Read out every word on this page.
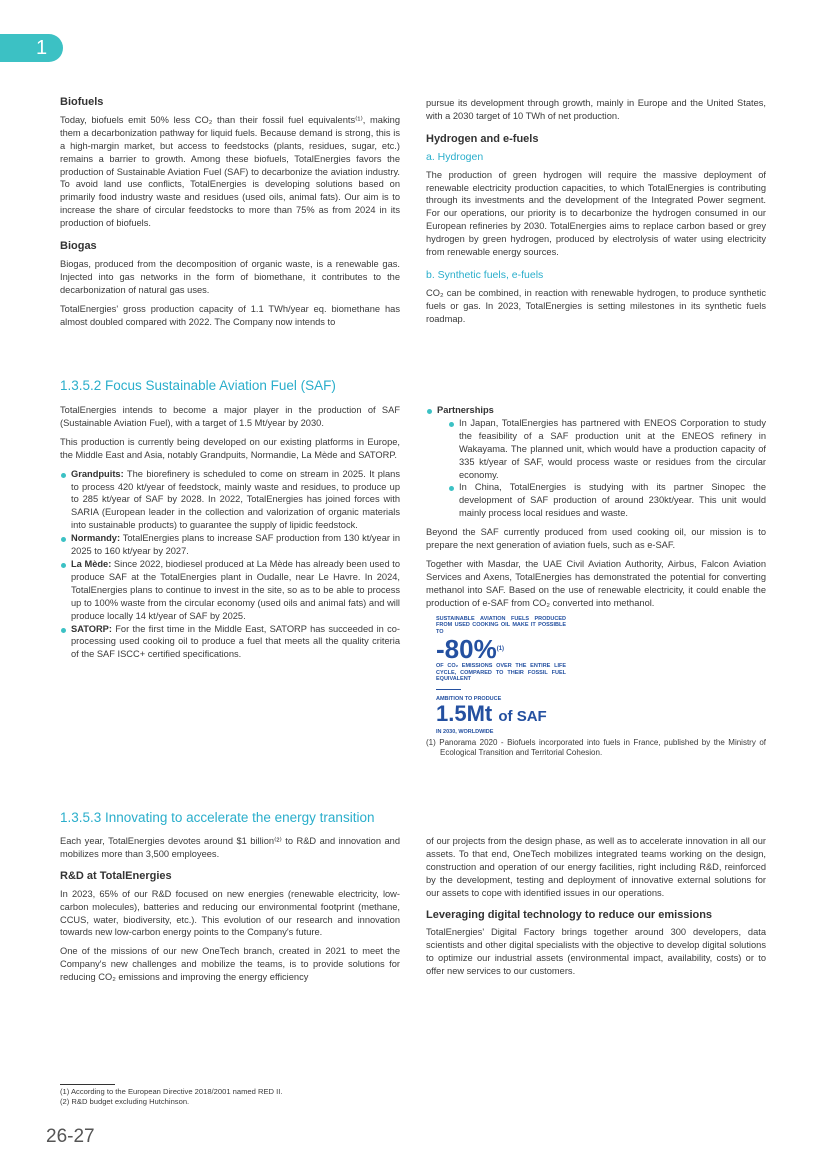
1
Biofuels

Today, biofuels emit 50% less CO₂ than their fossil fuel equivalents⁽¹⁾, making them a decarbonization pathway for liquid fuels. Because demand is strong, this is a high-margin market, but access to feedstocks (plants, residues, sugar, etc.) remains a barrier to growth. Among these biofuels, TotalEnergies favors the production of Sustainable Aviation Fuel (SAF) to decarbonize the aviation industry. To avoid land use conflicts, TotalEnergies is developing solutions based on primarily food industry waste and residues (used oils, animal fats). Our aim is to increase the share of circular feedstocks to more than 75% as from 2024 in its production of biofuels.

Biogas

Biogas, produced from the decomposition of organic waste, is a renewable gas. Injected into gas networks in the form of biomethane, it contributes to the decarbonization of natural gas uses.

TotalEnergies' gross production capacity of 1.1 TWh/year eq. biomethane has almost doubled compared with 2022. The Company now intends to

pursue its development through growth, mainly in Europe and the United States, with a 2030 target of 10 TWh of net production.

Hydrogen and e-fuels
a. Hydrogen

The production of green hydrogen will require the massive deployment of renewable electricity production capacities, to which TotalEnergies is contributing through its investments and the development of the Integrated Power segment. For our operations, our priority is to decarbonize the hydrogen consumed in our European refineries by 2030. TotalEnergies aims to replace carbon based or grey hydrogen by green hydrogen, produced by electrolysis of water using electricity from renewable energy sources.

b. Synthetic fuels, e-fuels

CO₂ can be combined, in reaction with renewable hydrogen, to produce synthetic fuels or gas. In 2023, TotalEnergies is setting milestones in its synthetic fuels roadmap.

1.3.5.2 Focus Sustainable Aviation Fuel (SAF)

TotalEnergies intends to become a major player in the production of SAF (Sustainable Aviation Fuel), with a target of 1.5 Mt/year by 2030.

This production is currently being developed on our existing platforms in Europe, the Middle East and Asia, notably Grandpuits, Normandie, La Mède and SATORP.

Grandpuits: The biorefinery is scheduled to come on stream in 2025. It plans to process 420 kt/year of feedstock, mainly waste and residues, to produce up to 285 kt/year of SAF by 2028. In 2022, TotalEnergies has joined forces with SARIA (European leader in the collection and valorization of organic materials into sustainable products) to guarantee the supply of lipidic feedstock.
Normandy: TotalEnergies plans to increase SAF production from 130 kt/year in 2025 to 160 kt/year by 2027.
La Mède: Since 2022, biodiesel produced at La Mède has already been used to produce SAF at the TotalEnergies plant in Oudalle, near Le Havre. In 2024, TotalEnergies plans to continue to invest in the site, so as to be able to process up to 100% waste from the circular economy (used oils and animal fats) and will produce locally 14 kt/year of SAF by 2025.
SATORP: For the first time in the Middle East, SATORP has succeeded in co-processing used cooking oil to produce a fuel that meets all the quality criteria of the SAF ISCC+ certified specifications.
Partnerships
In Japan, TotalEnergies has partnered with ENEOS Corporation to study the feasibility of a SAF production unit at the ENEOS refinery in Wakayama. The planned unit, which would have a production capacity of 335 kt/year of SAF, would process waste or residues from the circular economy.
In China, TotalEnergies is studying with its partner Sinopec the development of SAF production of around 230kt/year. This unit would mainly process local residues and waste.

Beyond the SAF currently produced from used cooking oil, our mission is to prepare the next generation of aviation fuels, such as e-SAF.

Together with Masdar, the UAE Civil Aviation Authority, Airbus, Falcon Aviation Services and Axens, TotalEnergies has demonstrated the potential for converting methanol into SAF. Based on the use of renewable electricity, it could enable the production of e-SAF from CO₂ converted into methanol.

SUSTAINABLE AVIATION FUELS PRODUCED FROM USED COOKING OIL MAKE IT POSSIBLE TO
-80%$^{(1)}$
OF CO₂ EMISSIONS OVER THE ENTIRE LIFE CYCLE, COMPARED TO THEIR FOSSIL FUEL EQUIVALENT
AMBITION TO PRODUCE
1.5Mt of SAF
IN 2030, WORLDWIDE
(1) Panorama 2020 - Biofuels incorporated into fuels in France, published by the Ministry of Ecological Transition and Territorial Cohesion.
1.3.5.3 Innovating to accelerate the energy transition

Each year, TotalEnergies devotes around $1 billion⁽²⁾ to R&D and innovation and mobilizes more than 3,500 employees.

R&D at TotalEnergies

In 2023, 65% of our R&D focused on new energies (renewable electricity, low-carbon molecules), batteries and reducing our environmental footprint (methane, CCUS, water, biodiversity, etc.). This evolution of our research and innovation towards new low-carbon energy points to the Company's future.

One of the missions of our new OneTech branch, created in 2021 to meet the Company's new challenges and mobilize the teams, is to provide solutions for reducing CO₂ emissions and improving the energy efficiency

of our projects from the design phase, as well as to accelerate innovation in all our assets. To that end, OneTech mobilizes integrated teams working on the design, construction and operation of our energy facilities, right including R&D, reinforced by the development, testing and deployment of innovative external solutions for our assets to cope with identified issues in our operations.

Leveraging digital technology to reduce our emissions

TotalEnergies' Digital Factory brings together around 300 developers, data scientists and other digital specialists with the objective to develop digital solutions to optimize our industrial assets (environmental impact, availability, costs) or to offer new services to our customers.

(1) According to the European Directive 2018/2001 named RED II.
(2) R&D budget excluding Hutchinson.
26-27
